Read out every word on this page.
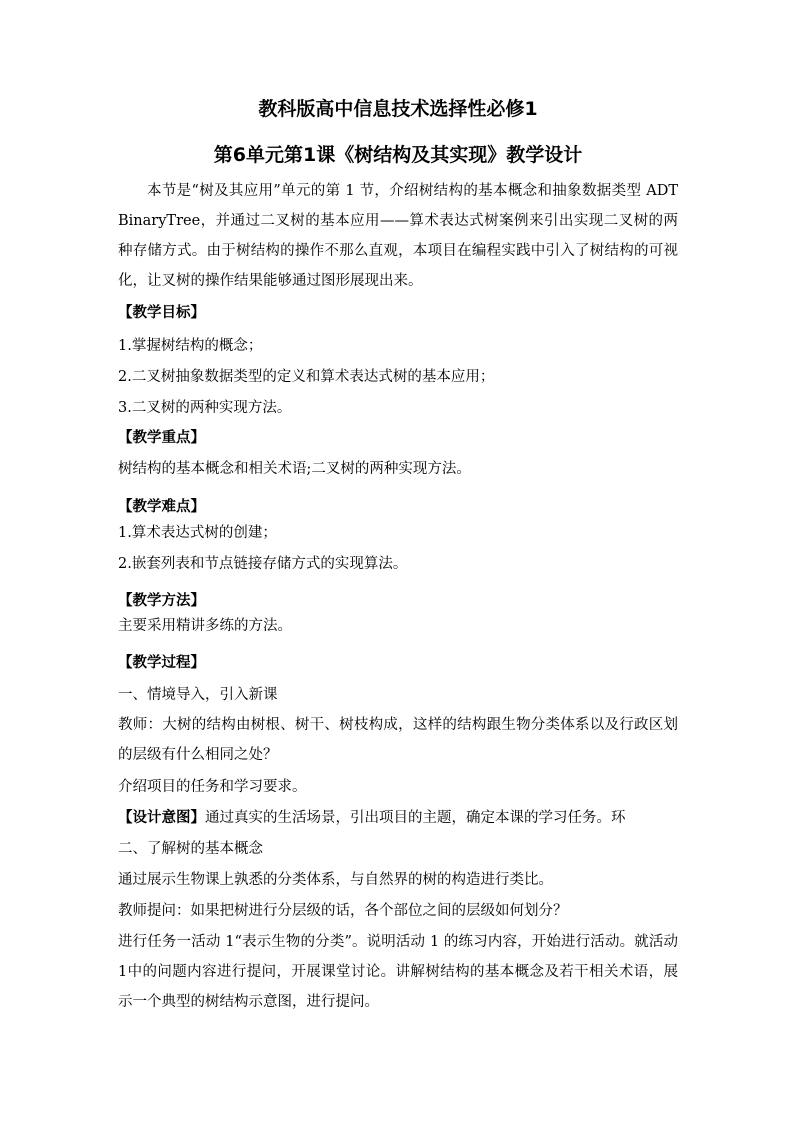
教科版高中信息技术选择性必修1
第6单元第1课《树结构及其实现》教学设计

本节是“树及其应用”单元的第 1 节，介绍树结构的基本概念和抽象数据类型 ADT BinaryTree，并通过二叉树的基本应用——算术表达式树案例来引出实现二叉树的两种存储方式。由于树结构的操作不那么直观，本项目在编程实践中引入了树结构的可视化，让叉树的操作结果能够通过图形展现出来。

【教学目标】
1.掌握树结构的概念；
2.二叉树抽象数据类型的定义和算术表达式树的基本应用；
3.二叉树的两种实现方法。
【教学重点】
树结构的基本概念和相关术语;二叉树的两种实现方法。
【教学难点】
1.算术表达式树的创建；
2.嵌套列表和节点链接存储方式的实现算法。
【教学方法】
主要采用精讲多练的方法。
【教学过程】
一、情境导入，引入新课

教师：大树的结构由树根、树干、树枝构成，这样的结构跟生物分类体系以及行政区划的层级有什么相同之处？

介绍项目的任务和学习要求。
【设计意图】通过真实的生活场景，引出项目的主题，确定本课的学习任务。环
二、了解树的基本概念
通过展示生物课上孰悉的分类体系，与自然界的树的构造进行类比。
教师提问：如果把树进行分层级的话，各个部位之间的层级如何划分？

进行任务一活动 1“表示生物的分类”。说明活动 1 的练习内容，开始进行活动。就活动1中的问题内容进行提问，开展课堂讨论。讲解树结构的基本概念及若干相关术语，展示一个典型的树结构示意图，进行提问。
